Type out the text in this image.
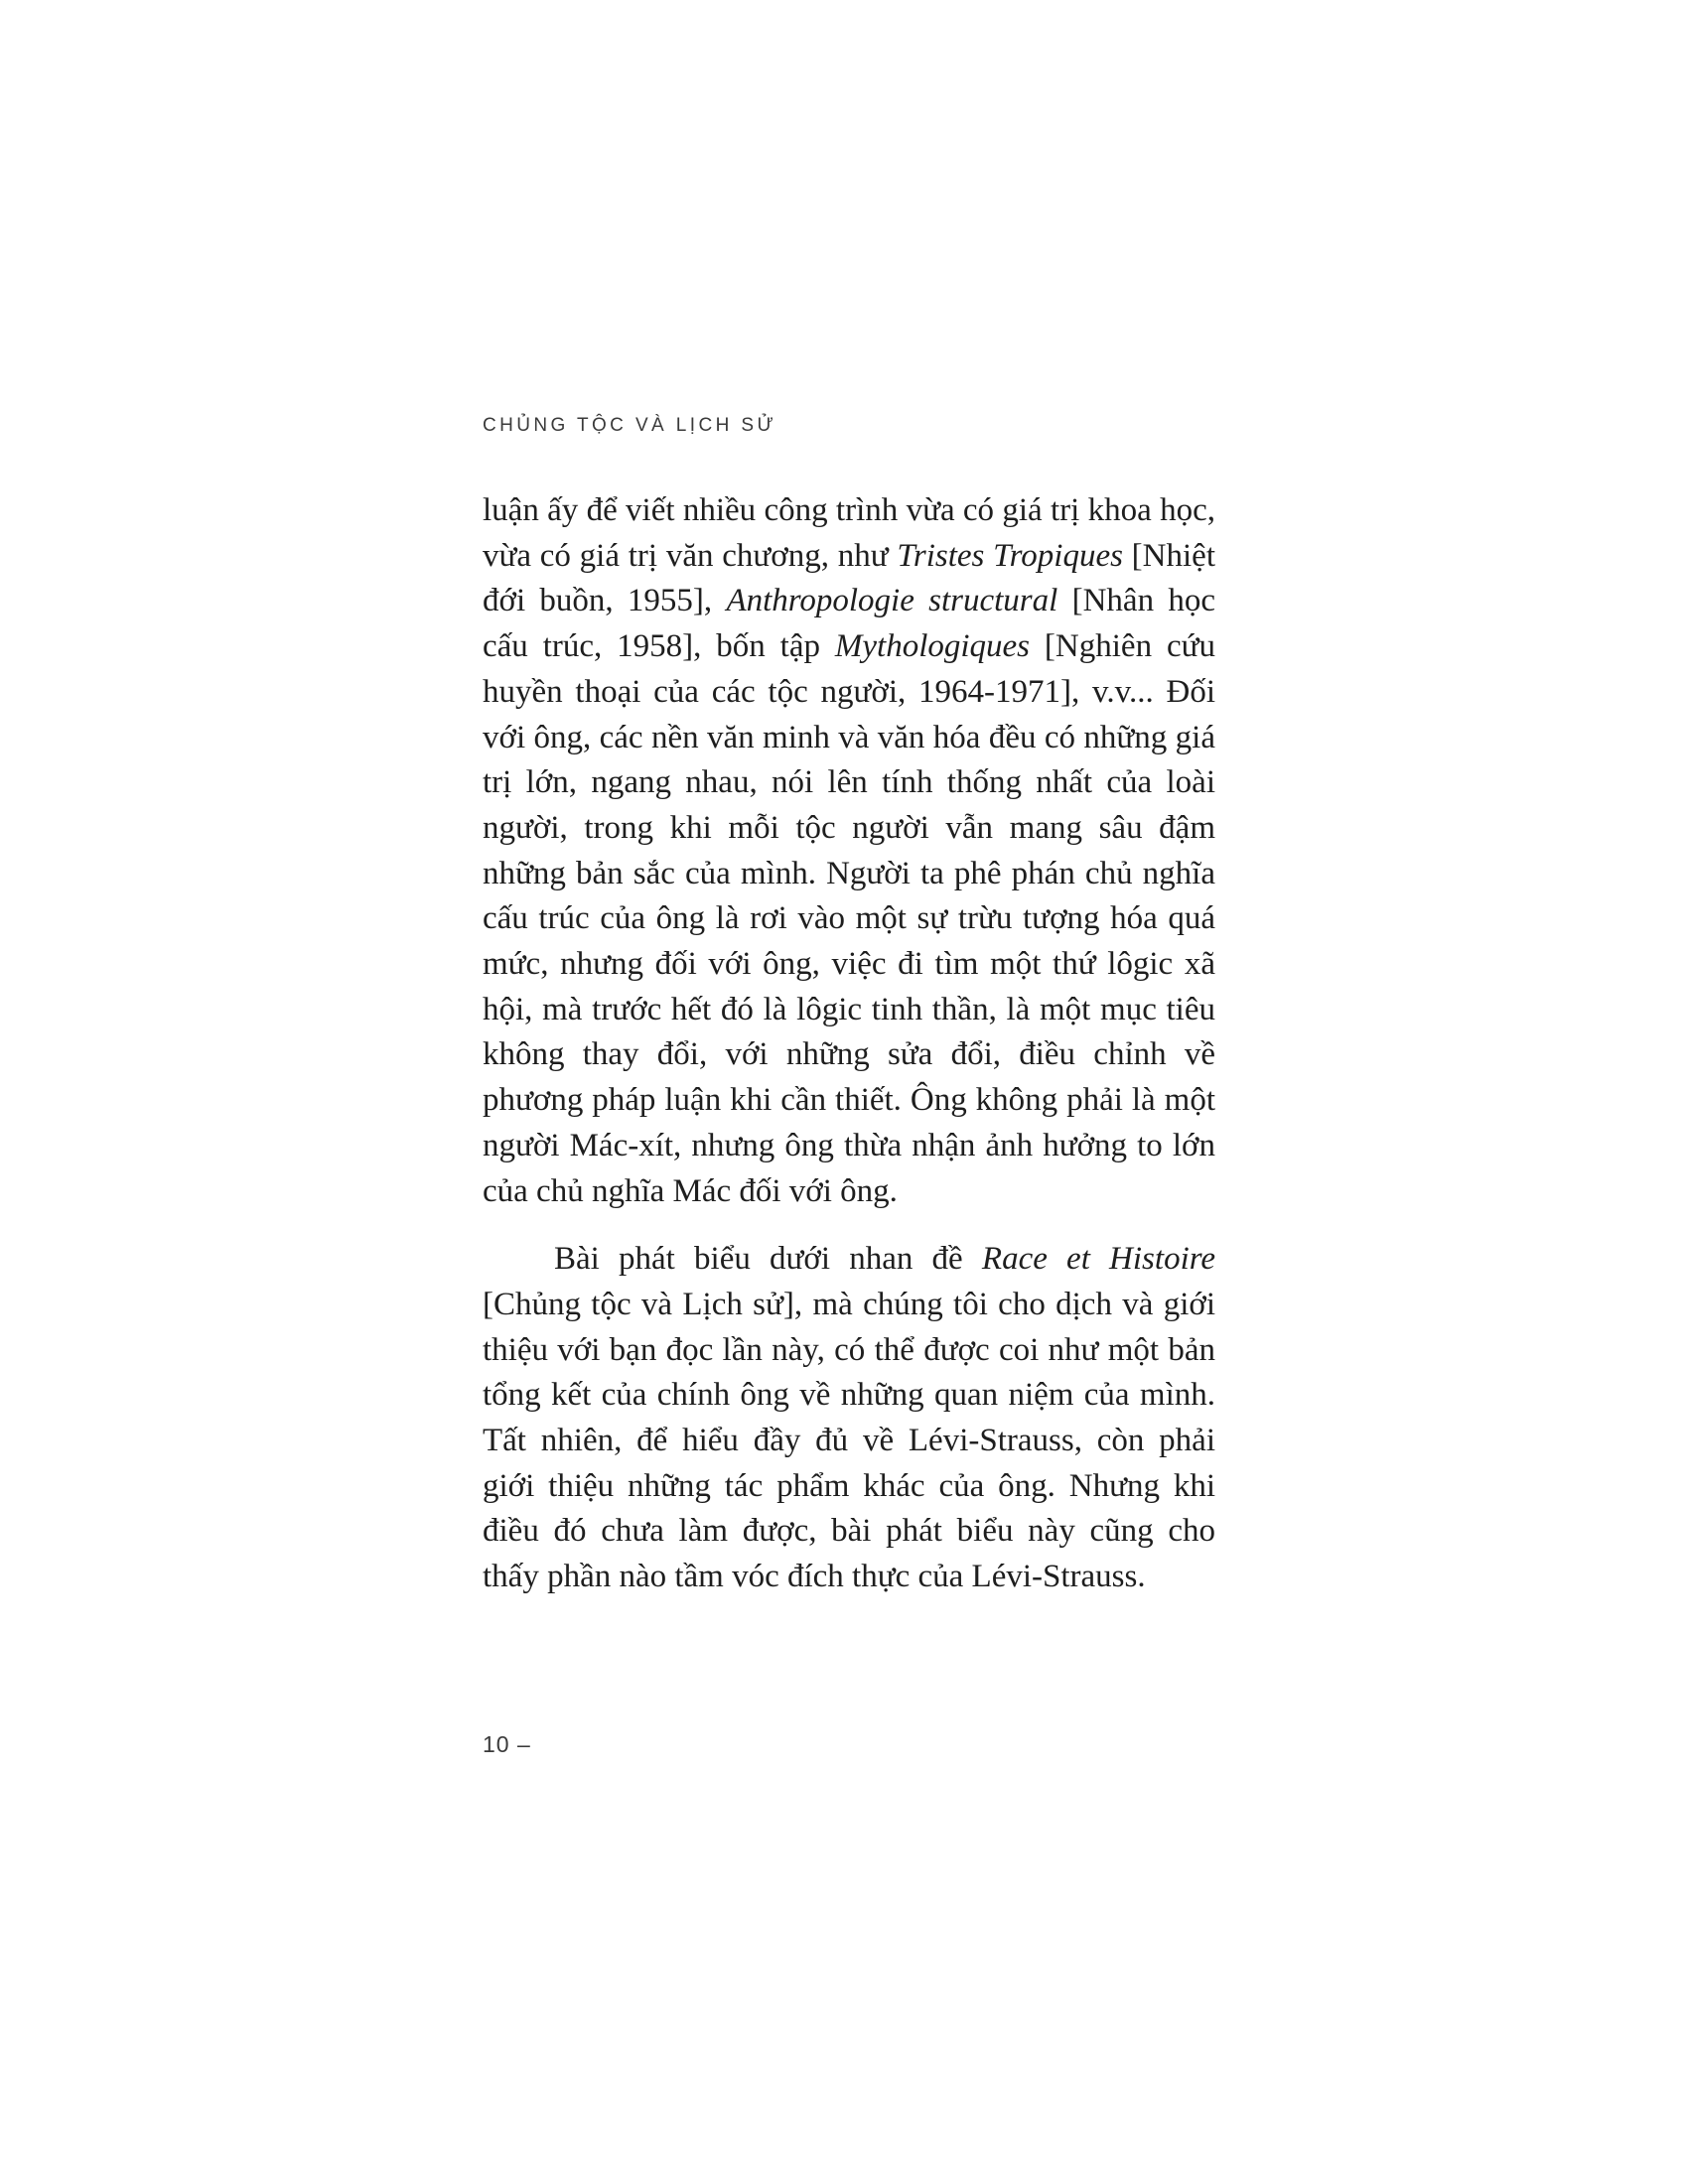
CHỦNG TỘC VÀ LỊCH SỬ

luận ấy để viết nhiều công trình vừa có giá trị khoa học, vừa có giá trị văn chương, như Tristes Tropiques [Nhiệt đới buồn, 1955], Anthropologie structural [Nhân học cấu trúc, 1958], bốn tập Mythologiques [Nghiên cứu huyền thoại của các tộc người, 1964-1971], v.v... Đối với ông, các nền văn minh và văn hóa đều có những giá trị lớn, ngang nhau, nói lên tính thống nhất của loài người, trong khi mỗi tộc người vẫn mang sâu đậm những bản sắc của mình. Người ta phê phán chủ nghĩa cấu trúc của ông là rơi vào một sự trừu tượng hóa quá mức, nhưng đối với ông, việc đi tìm một thứ lôgic xã hội, mà trước hết đó là lôgic tinh thần, là một mục tiêu không thay đổi, với những sửa đổi, điều chỉnh về phương pháp luận khi cần thiết. Ông không phải là một người Mác-xít, nhưng ông thừa nhận ảnh hưởng to lớn của chủ nghĩa Mác đối với ông.

Bài phát biểu dưới nhan đề Race et Histoire [Chủng tộc và Lịch sử], mà chúng tôi cho dịch và giới thiệu với bạn đọc lần này, có thể được coi như một bản tổng kết của chính ông về những quan niệm của mình. Tất nhiên, để hiểu đầy đủ về Lévi-Strauss, còn phải giới thiệu những tác phẩm khác của ông. Nhưng khi điều đó chưa làm được, bài phát biểu này cũng cho thấy phần nào tầm vóc đích thực của Lévi-Strauss.

10 –
